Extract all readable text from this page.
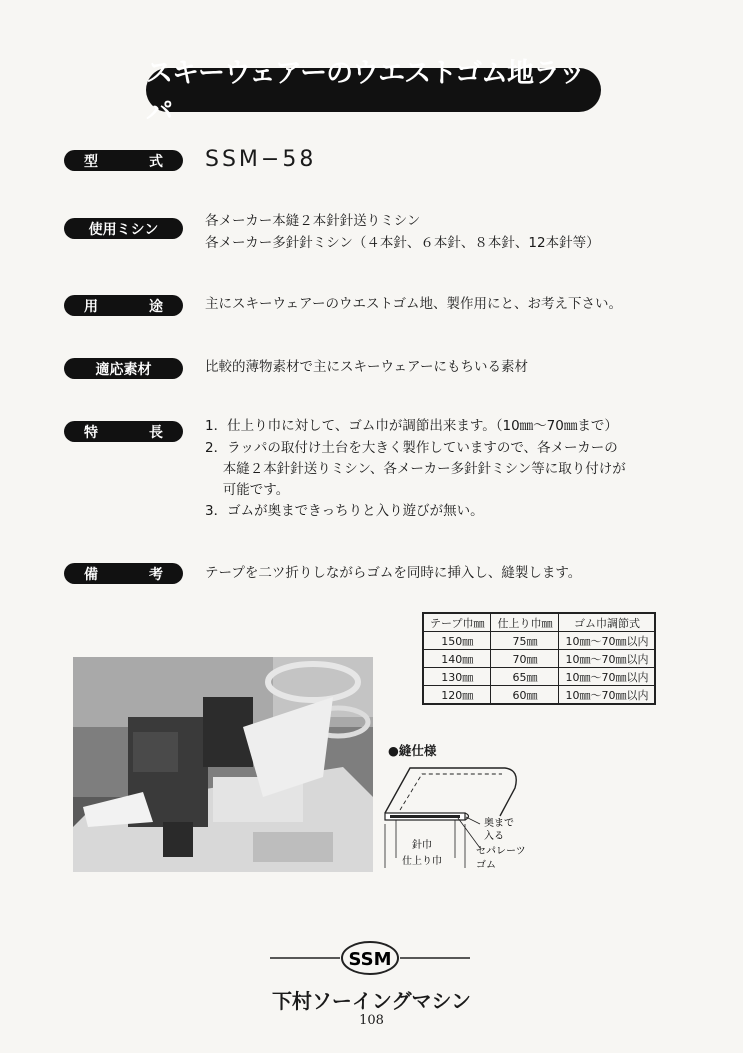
スキーウェアーのウエストゴム地ラッパ
型	式 SSM−58
使用ミシン
各メーカー本縫２本針針送りミシン
各メーカー多針針ミシン（４本針、６本針、８本針、12本針等）
用	途	主にスキーウェアーのウエストゴム地、製作用にと、お考え下さい。
適応素材	比較的薄物素材で主にスキーウェアーにもちいる素材
特	長	1．仕上り巾に対して、ゴム巾が調節出来ます。（10㎜〜70㎜まで）
2．ラッパの取付け土台を大きく製作していますので、各メーカーの
　 本縫２本針針送りミシン、各メーカー多針針ミシン等に取り付けが
　 可能です。
3．ゴムが奥まできっちりと入り遊びが無い。
備	考	テープを二ツ折りしながらゴムを同時に挿入し、縫製します。
テープ巾㎜	仕上り巾㎜	ゴム巾調節式
150㎜	75㎜	10㎜〜70㎜以内
140㎜	70㎜	10㎜〜70㎜以内
130㎜	65㎜	10㎜〜70㎜以内
120㎜	60㎜	10㎜〜70㎜以内
●縫仕様
針巾
仕上り巾
奥まで
入る
セパレーツ
ゴム
SSM
下村ソーイングマシン
108
